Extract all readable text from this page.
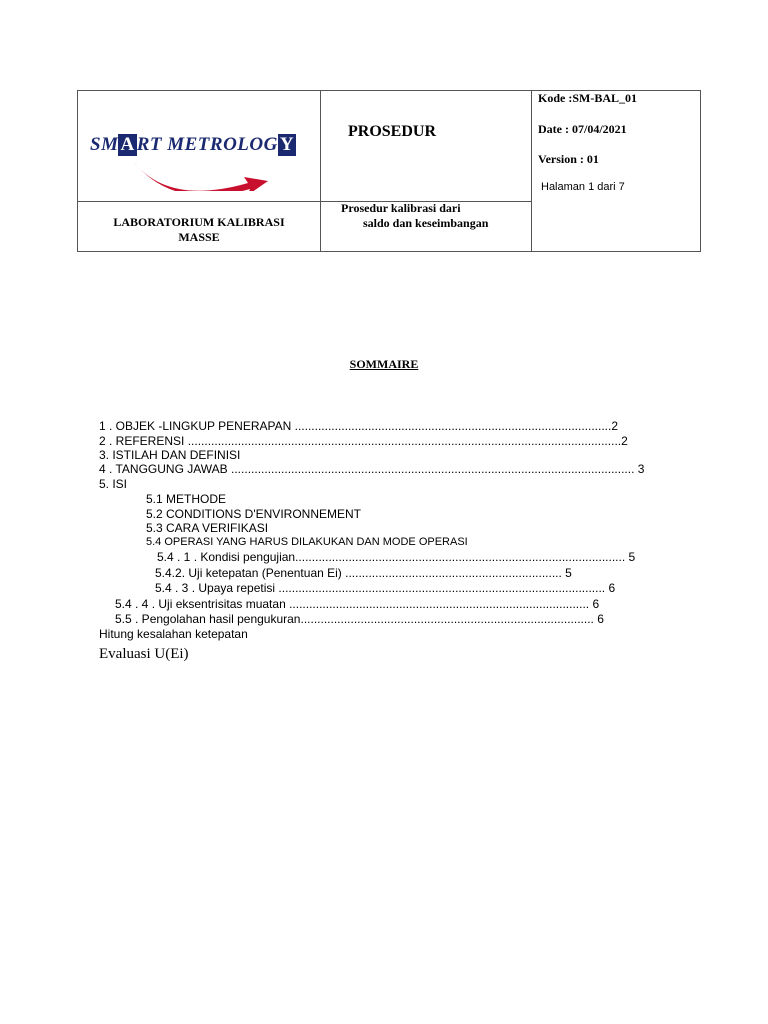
SM A RT METROLOG Y
LABORATORIUM KALIBRASI
MASSE
PROSEDUR
Prosedur kalibrasi dari
saldo dan keseimbangan
Kode :SM-BAL_01
Date : 07/04/2021
Version : 01
Halaman 1 dari 7
SOMMAIRE
1 . OBJEK -LINGKUP PENERAPAN ...............................................................................................2
2 . REFERENSI ..................................................................................................................................2
3. ISTILAH DAN DEFINISI
4 . TANGGUNG JAWAB ......................................................................................................................... 3
5. ISI
5.1 METHODE
5.2 CONDITIONS D'ENVIRONNEMENT
5.3 CARA VERIFIKASI
5.4 OPERASI YANG HARUS DILAKUKAN DAN MODE OPERASI
5.4 . 1 . Kondisi pengujian................................................................................................... 5
5.4.2. Uji ketepatan (Penentuan Ei) ................................................................. 5
5.4 . 3 . Upaya repetisi .................................................................................................. 6
5.4 . 4 . Uji eksentrisitas muatan .......................................................................................... 6
5.5 . Pengolahan hasil pengukuran........................................................................................ 6
Hitung kesalahan ketepatan
Evaluasi U(Ei)
